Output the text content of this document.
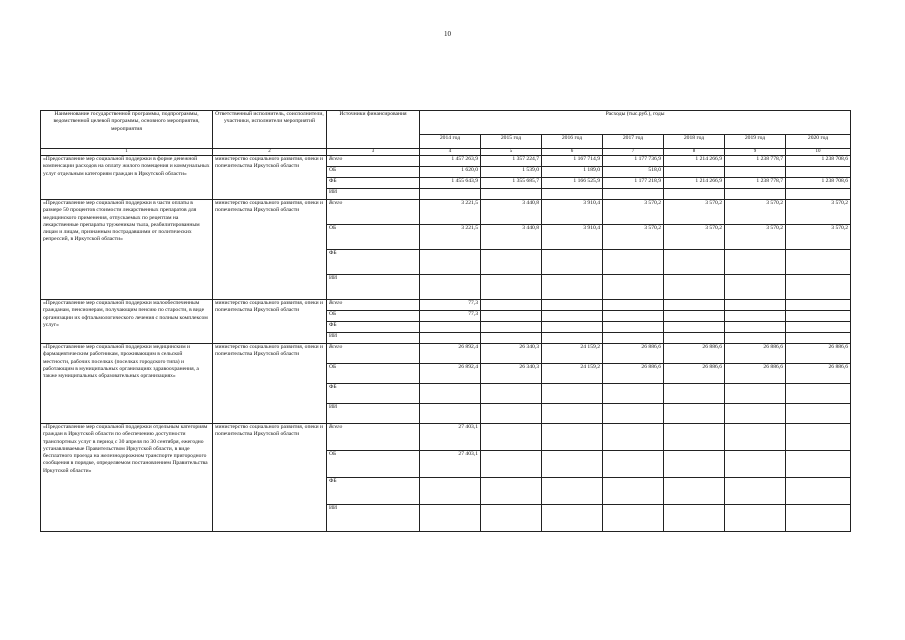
10
Наименование государственной программы, подпрограммы, ведомственной целевой программы, основного мероприятия, мероприятия	Ответственный исполнитель, соисполнители, участники, исполнители мероприятий	Источники финансирования	Расходы (тыс.руб.), годы						
			2014 год	2015 год	2016 год	2017 год	2018 год	2019 год	2020 год
1	2	3	4	5	6	7	8	9	10
«Предоставление мер социальной поддержки в форме денежной компенсации расходов на оплату жилого помещения и коммунальных услуг отдельным категориям граждан в Иркутской области»	министерство социального развития, опеки и попечительства Иркутской области	Всего	1 457 263,9	1 357 224,7	1 167 714,9	1 177 736,9	1 214 266,9	1 238 778,7	1 238 708,6
		ОБ	1 620,0	1 539,0	1 189,0	518,0			
		ФБ	1 455 643,9	1 355 685,7	1 166 525,9	1 177 218,9	1 214 266,9	1 238 778,7	1 238 708,6
		ИИ							
«Предоставление мер социальной поддержки в части оплаты в размере 50 процентов стоимости лекарственных препаратов для медицинского применения, отпускаемых по рецептам на лекарственные препараты труженикам тыла, реабилитированным лицам и лицам, признанным пострадавшими от политических репрессий, в Иркутской области»	министерство социального развития, опеки и попечительства Иркутской области	Всего	3 221,5	3 440,8	3 910,4	3 570,2	3 570,2	3 570,2	3 570,2
		ОБ	3 221,5	3 440,8	3 910,4	3 570,2	3 570,2	3 570,2	3 570,2
		ФБ							
		ИИ							
«Предоставление мер социальной поддержки малообеспеченным гражданам, пенсионерам, получающим пенсию по старости, в виде организации их офтальмологического лечения с полным комплексом услуг»	министерство социального развития, опеки и попечительства Иркутской области	Всего	77,3						
		ОБ	77,3						
		ФБ							
		ИИ							
«Предоставление мер социальной поддержки медицинским и фармацевтическим работникам, проживающим в сельской местности, рабочих поселках (поселках городского типа) и работающим в муниципальных организациях здравоохранения, а также муниципальных образовательных организациях»	министерство социального развития, опеки и попечительства Иркутской области	Всего	26 892,4	26 340,3	24 159,2	26 886,6	26 886,6	26 886,6	26 886,6
		ОБ	26 892,4	26 340,3	24 159,2	26 886,6	26 886,6	26 886,6	26 886,6
		ФБ							
		ИИ							
«Предоставление мер социальной поддержки отдельным категориям граждан в Иркутской области по обеспечению доступности транспортных услуг в период с 30 апреля по 30 сентября, ежегодно устанавливаемые Правительством Иркутской области, в виде бесплатного проезда на железнодорожном транспорте пригородного сообщения в порядке, определяемом постановлением Правительства Иркутской области»	министерство социального развития, опеки и попечительства Иркутской области	Всего	27 403,1						
		ОБ	27 403,1						
		ФБ							
		ИИ							
